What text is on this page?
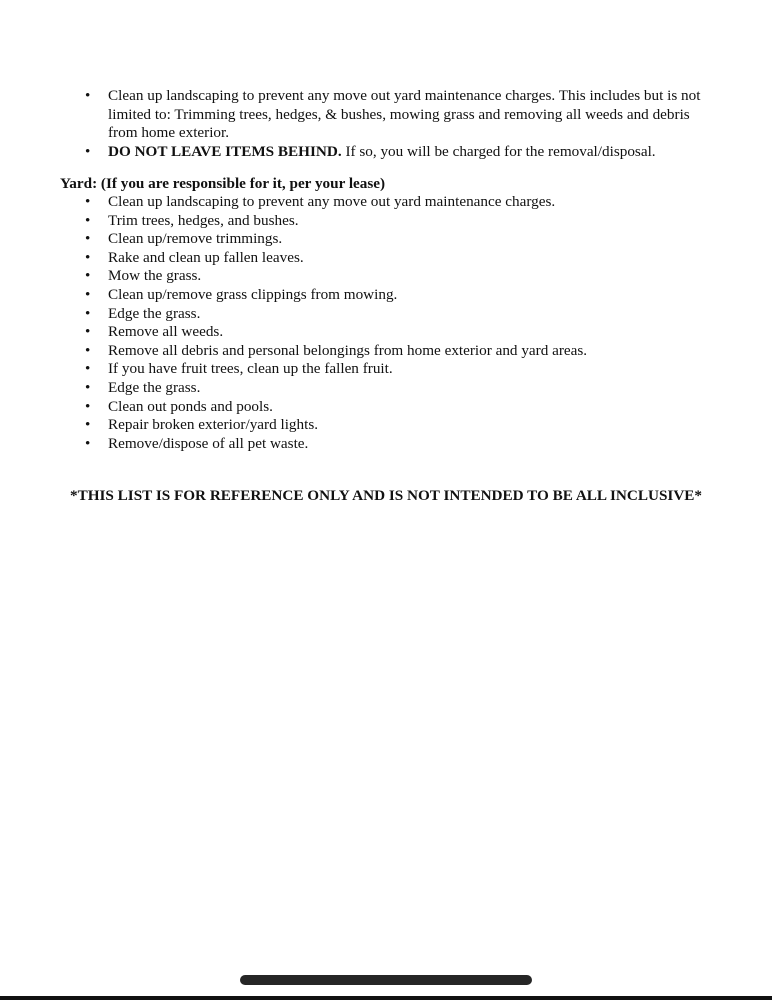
• Clean up landscaping to prevent any move out yard maintenance charges. This includes but is not limited to: Trimming trees, hedges, & bushes, mowing grass and removing all weeds and debris from home exterior.
• DO NOT LEAVE ITEMS BEHIND. If so, you will be charged for the removal/disposal.
Yard: (If you are responsible for it, per your lease)
• Clean up landscaping to prevent any move out yard maintenance charges.
• Trim trees, hedges, and bushes.
• Clean up/remove trimmings.
• Rake and clean up fallen leaves.
• Mow the grass.
• Clean up/remove grass clippings from mowing.
• Edge the grass.
• Remove all weeds.
• Remove all debris and personal belongings from home exterior and yard areas.
• If you have fruit trees, clean up the fallen fruit.
• Edge the grass.
• Clean out ponds and pools.
• Repair broken exterior/yard lights.
• Remove/dispose of all pet waste.
*THIS LIST IS FOR REFERENCE ONLY AND IS NOT INTENDED TO BE ALL INCLUSIVE*
